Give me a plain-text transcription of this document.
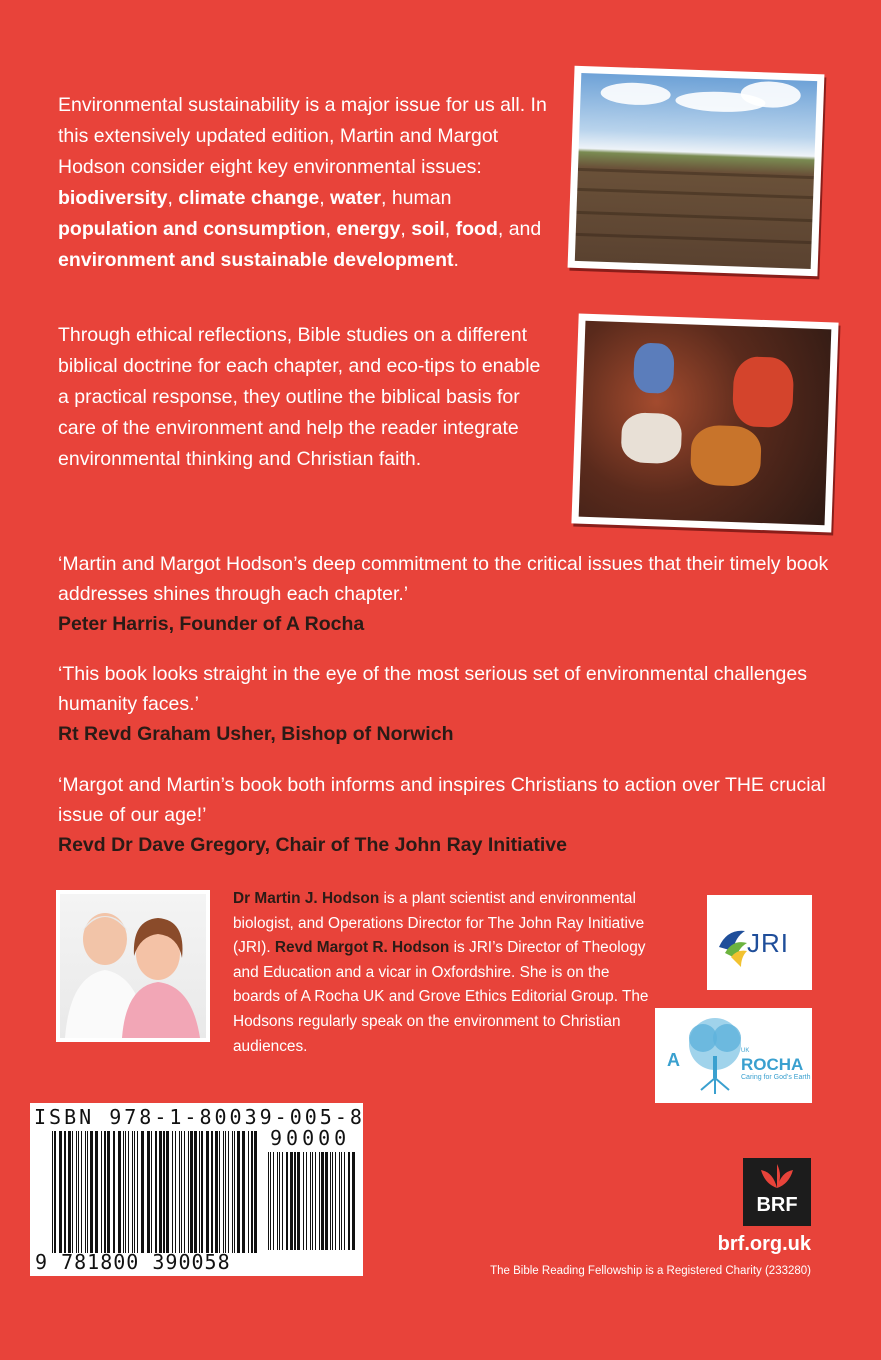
Environmental sustainability is a major issue for us all. In this extensively updated edition, Martin and Margot Hodson consider eight key environmental issues: biodiversity, climate change, water, human population and consumption, energy, soil, food, and environment and sustainable development.

Through ethical reflections, Bible studies on a different biblical doctrine for each chapter, and eco-tips to enable a practical response, they outline the biblical basis for care of the environment and help the reader integrate environmental thinking and Christian faith.

‘Martin and Margot Hodson’s deep commitment to the critical issues that their timely book addresses shines through each chapter.’
Peter Harris, Founder of A Rocha
‘This book looks straight in the eye of the most serious set of environmental challenges humanity faces.’
Rt Revd Graham Usher, Bishop of Norwich
‘Margot and Martin’s book both informs and inspires Christians to action over THE crucial issue of our age!’
Revd Dr Dave Gregory, Chair of The John Ray Initiative

Dr Martin J. Hodson is a plant scientist and environmental biologist, and Operations Director for The John Ray Initiative (JRI). Revd Margot R. Hodson is JRI’s Director of Theology and Education and a vicar in Oxfordshire. She is on the boards of A Rocha UK and Grove Ethics Editorial Group. The Hodsons regularly speak on the environment to Christian audiences.

JRI
A	UK
ROCHA
Caring for God’s Earth
ISBN 978-1-80039-005-8
90000
9 781800 390058
BRF
brf.org.uk
The Bible Reading Fellowship is a Registered Charity (233280)
